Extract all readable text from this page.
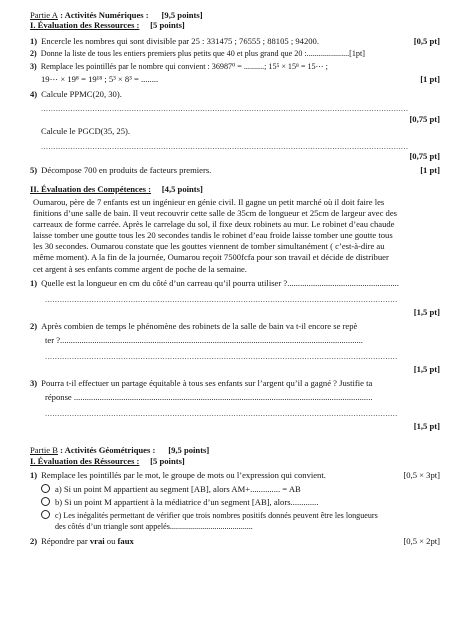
Partie A : Activités Numériques : [9,5 points]
I. Évaluation des Ressources : [5 points]
1) Encercle les nombres qui sont divisible par 25 : 331475 ; 76555 ; 88105 ; 94200.	[0,5 pt]
2) Donne la liste de tous les entiers premiers plus petits que 40 et plus grand que 20 :.....................[1pt]
3) Remplace les pointillés par le nombre qui convient : 36987⁰ = ..........; 15⁵ × 15⁸ = 15⋯ ;
19⋯ × 19⁸ = 19¹⁸ ; 5³ × 8³ = ........	[1 pt]
4) Calcule PPMC(20, 30).
......................................................................................................................................................
[0,75 pt]
Calcule le PGCD(35, 25).
......................................................................................................................................................
[0,75 pt]
5) Décompose 700 en produits de facteurs premiers.	[1 pt]
II. Évaluation des Compétences : [4,5 points]
Oumarou, père de 7 enfants est un ingénieur en génie civil. Il gagne un petit marché où il doit faire les
finitions d’une salle de bain. Il veut recouvrir cette salle de 35cm de longueur et 25cm de largeur avec des
carreaux de forme carrée. Après le carrelage du sol, il fixe deux robinets au mur. Le robinet d’eau chaude
laisse tomber une goutte tous les 20 secondes tandis le robinet d’eau froide laisse tomber une goutte tous
les 30 secondes. Oumarou constate que les gouttes viennent de tomber simultanément ( c’est-à-dire au
même moment). A la fin de la journée, Oumarou reçoit 7500fcfa pour son travail et décide de distribuer
cet argent à ses enfants comme argent de poche de la semaine.
1) Quelle est la longueur en cm du côté d’un carreau qu’il pourra utiliser ?....................................................
................................................................................................................................................
[1,5 pt]
2) Après combien de temps le phénomène des robinets de la salle de bain va t-il encore se repè
ter ?.............................................................................................................................................
................................................................................................................................................
[1,5 pt]
3) Pourra t-il effectuer un partage équitable à tous ses enfants sur l’argent qu’il a gagné ? Justifie ta
réponse ...........................................................................................................................................
................................................................................................................................................
[1,5 pt]
Partie B : Activités Géométriques : [9,5 points]
I. Évaluation des Réssources : [5 points]
1) Remplace les pointillés par le mot, le groupe de mots ou l’expression qui convient.	[0,5 × 3pt]
a) Si un point M appartient au segment [AB], alors AM+.............. = AB
b) Si un point M appartient à la médiatrice d’un segment [AB], alors.............
c) Les inégalités permettant de vérifier que trois nombres positifs donnés peuvent être les longueurs
des côtés d’un triangle sont appelés.........................................
2) Répondre par vrai ou faux	[0,5 × 2pt]
